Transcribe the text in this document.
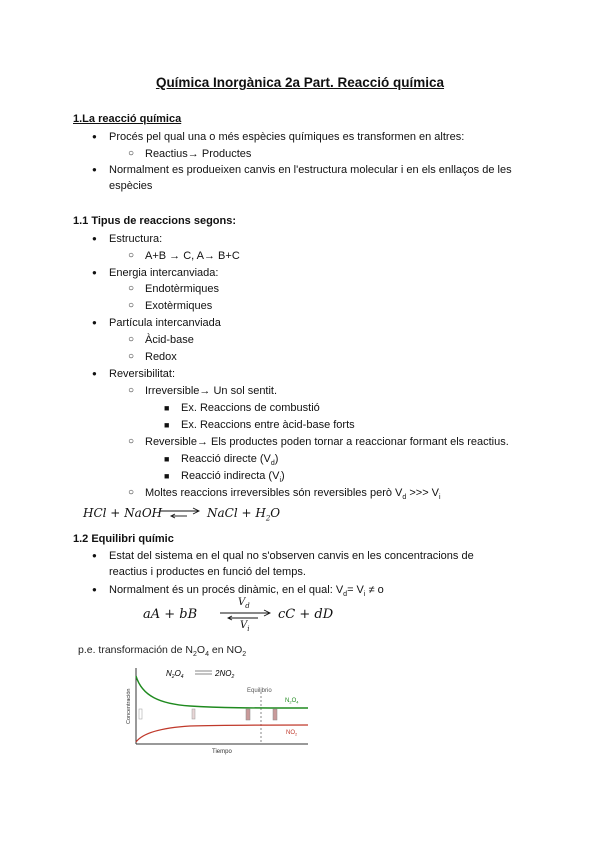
Química Inorgànica 2a Part. Reacció química
1.La reacció química
● Procés pel qual una o més espècies químiques es transformen en altres:
○ Reactius→ Productes
● Normalment es produeixen canvis en l'estructura molecular i en els enllaços de les espècies
1.1 Tipus de reaccions segons:
● Estructura:
○ A+B → C, A→ B+C
● Energia intercanviada:
○ Endotèrmiques
○ Exotèrmiques
● Partícula intercanviada
○ Àcid-base
○ Redox
● Reversibilitat:
○ Irreversible→ Un sol sentit.
■ Ex. Reaccions de combustió
■ Ex. Reaccions entre àcid-base forts
○ Reversible→ Els productes poden tornar a reaccionar formant els reactius.
■ Reacció directe $(V_d)$
■ Reacció indirecta $(V_i)$
○ Moltes reaccions irreversibles són reversibles però $V_d$ >>> $V_i$
HCl + NaOH	NaCl + $H_2O$
1.2 Equilibri químic
● Estat del sistema en el qual no s'observen canvis en les concentracions de reactius i productes en funció del temps.
● Normalment és un procés dinàmic, en el qual: $V_d= V_i \ne o$
aA + bB
$V_d$
$V_i$
cC + dD
p.e. transformación de $N_2O_4$ en $NO_2$
$N_2O_4$	$2NO_2$
Equilibrio
$N_2O_4$
$NO_2$
Concentración
Tiempo
